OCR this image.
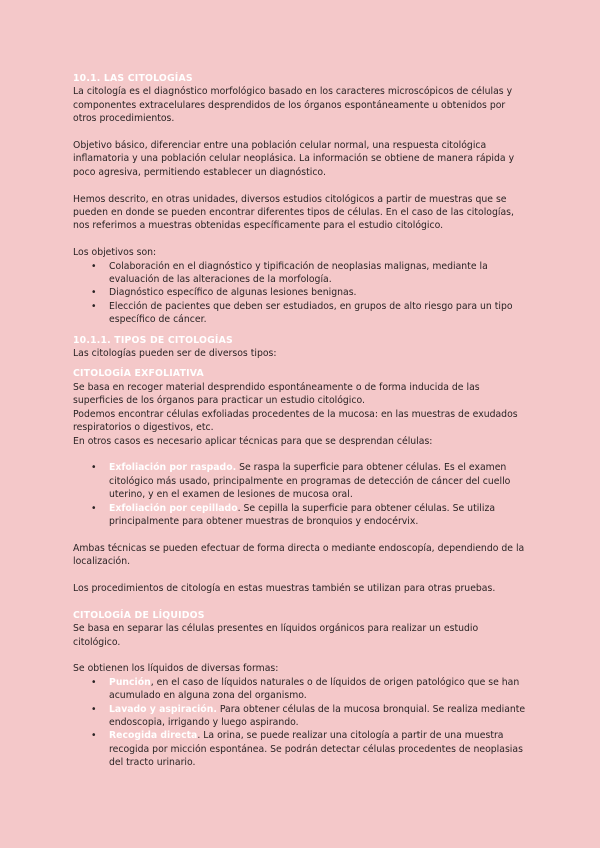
10.1. LAS CITOLOGÍAS

La citología es el diagnóstico morfológico basado en los caracteres microscópicos de células y componentes extracelulares desprendidos de los órganos espontáneamente u obtenidos por otros procedimientos.

Objetivo básico, diferenciar entre una población celular normal, una respuesta citológica inflamatoria y una población celular neoplásica. La información se obtiene de manera rápida y poco agresiva, permitiendo establecer un diagnóstico.

Hemos descrito, en otras unidades, diversos estudios citológicos a partir de muestras que se pueden en donde se pueden encontrar diferentes tipos de células. En el caso de las citologías, nos referimos a muestras obtenidas específicamente para el estudio citológico.

Los objetivos son:

• Colaboración en el diagnóstico y tipificación de neoplasias malignas, mediante la evaluación de las alteraciones de la morfología.
• Diagnóstico específico de algunas lesiones benignas.
• Elección de pacientes que deben ser estudiados, en grupos de alto riesgo para un tipo específico de cáncer.

10.1.1. TIPOS DE CITOLOGÍAS

Las citologías pueden ser de diversos tipos:

CITOLOGÍA EXFOLIATIVA

Se basa en recoger material desprendido espontáneamente o de forma inducida de las superficies de los órganos para practicar un estudio citológico.

Podemos encontrar células exfoliadas procedentes de la mucosa: en las muestras de exudados respiratorios o digestivos, etc.

En otros casos es necesario aplicar técnicas para que se desprendan células:

• Exfoliación por raspado. Se raspa la superficie para obtener células. Es el examen citológico más usado, principalmente en programas de detección de cáncer del cuello uterino, y en el examen de lesiones de mucosa oral.
• Exfoliación por cepillado. Se cepilla la superficie para obtener células. Se utiliza principalmente para obtener muestras de bronquios y endocérvix.

Ambas técnicas se pueden efectuar de forma directa o mediante endoscopía, dependiendo de la localización.

Los procedimientos de citología en estas muestras también se utilizan para otras pruebas.

CITOLOGÍA DE LÍQUIDOS

Se basa en separar las células presentes en líquidos orgánicos para realizar un estudio citológico.

Se obtienen los líquidos de diversas formas:

• Punción, en el caso de líquidos naturales o de líquidos de origen patológico que se han acumulado en alguna zona del organismo.
• Lavado y aspiración. Para obtener células de la mucosa bronquial. Se realiza mediante endoscopia, irrigando y luego aspirando.
• Recogida directa. La orina, se puede realizar una citología a partir de una muestra recogida por micción espontánea. Se podrán detectar células procedentes de neoplasias del tracto urinario.
